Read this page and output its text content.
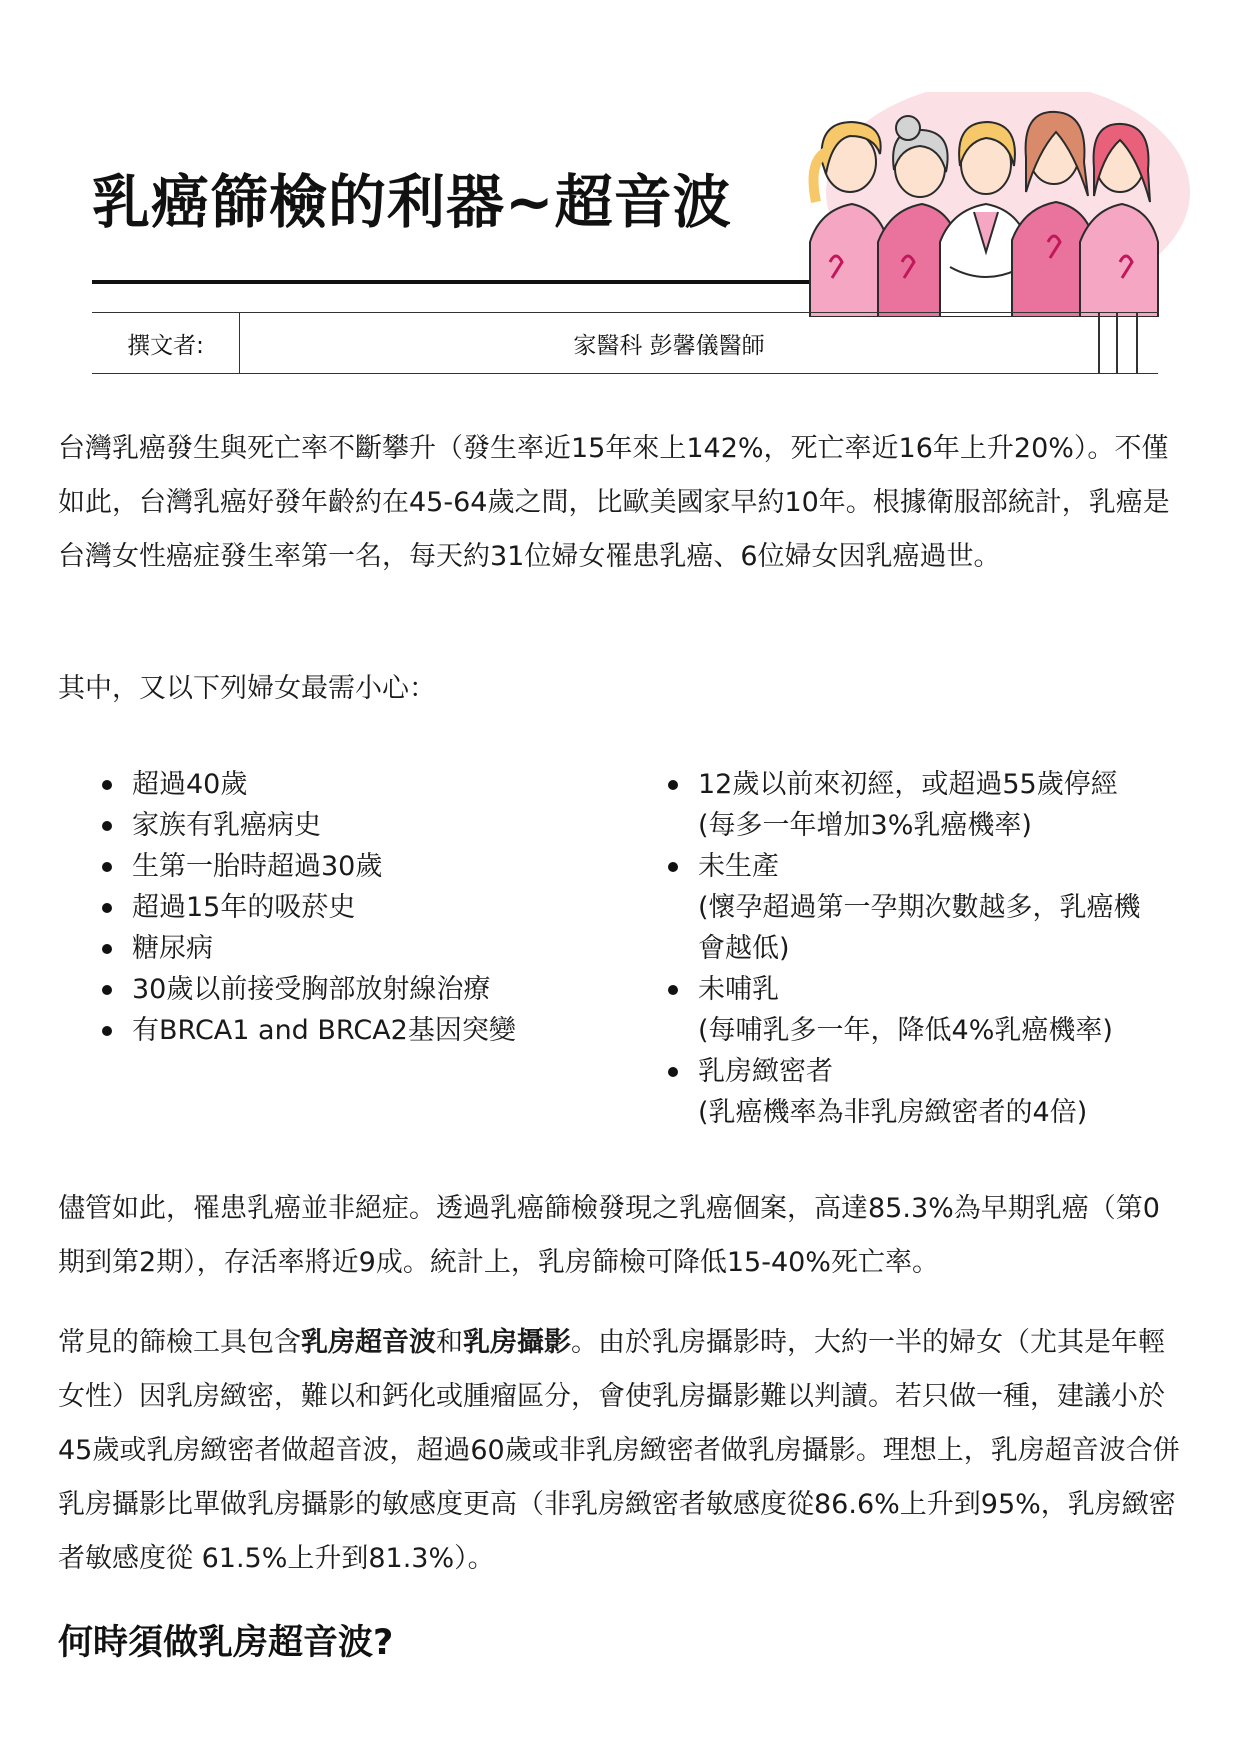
乳癌篩檢的利器~超音波
撰文者:	家醫科 彭馨儀醫師

台灣乳癌發生與死亡率不斷攀升（發生率近15年來上142%，死亡率近16年上升20%）。不僅如此，台灣乳癌好發年齡約在45-64歲之間，比歐美國家早約10年。根據衛服部統計，乳癌是台灣女性癌症發生率第一名，每天約31位婦女罹患乳癌、6位婦女因乳癌過世。

其中，又以下列婦女最需小心：

超過40歲
家族有乳癌病史
生第一胎時超過30歲
超過15年的吸菸史
糖尿病
30歲以前接受胸部放射線治療
有BRCA1 and BRCA2基因突變
12歲以前來初經，或超過55歲停經
(每多一年增加3%乳癌機率)
未生產
(懷孕超過第一孕期次數越多，乳癌機會越低)
未哺乳
(每哺乳多一年，降低4%乳癌機率)
乳房緻密者
(乳癌機率為非乳房緻密者的4倍)

儘管如此，罹患乳癌並非絕症。透過乳癌篩檢發現之乳癌個案，高達85.3%為早期乳癌（第0期到第2期），存活率將近9成。統計上，乳房篩檢可降低15-40%死亡率。

常見的篩檢工具包含乳房超音波和乳房攝影。由於乳房攝影時，大約一半的婦女（尤其是年輕女性）因乳房緻密，難以和鈣化或腫瘤區分，會使乳房攝影難以判讀。若只做一種，建議小於45歲或乳房緻密者做超音波，超過60歲或非乳房緻密者做乳房攝影。理想上，乳房超音波合併乳房攝影比單做乳房攝影的敏感度更高（非乳房緻密者敏感度從86.6%上升到95%，乳房緻密者敏感度從 61.5%上升到81.3%）。

何時須做乳房超音波?
